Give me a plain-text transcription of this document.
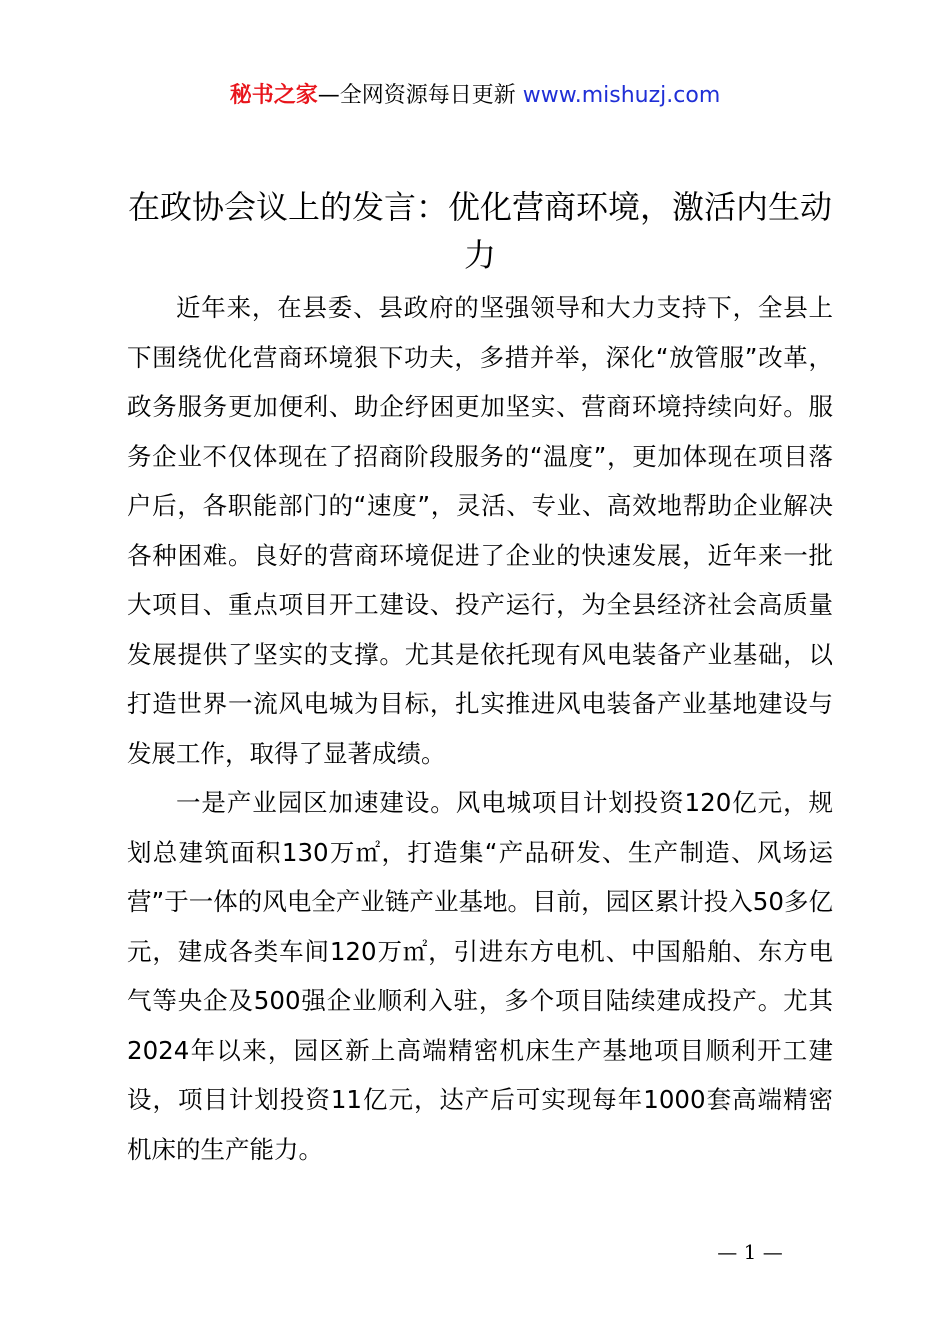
秘书之家—全网资源每日更新 www.mishuzj.com
在政协会议上的发言：优化营商环境，激活内生动力

近年来，在县委、县政府的坚强领导和大力支持下，全县上下围绕优化营商环境狠下功夫，多措并举，深化“放管服”改革，政务服务更加便利、助企纾困更加坚实、营商环境持续向好。服务企业不仅体现在了招商阶段服务的“温度”，更加体现在项目落户后，各职能部门的“速度”，灵活、专业、高效地帮助企业解决各种困难。良好的营商环境促进了企业的快速发展，近年来一批大项目、重点项目开工建设、投产运行，为全县经济社会高质量发展提供了坚实的支撑。尤其是依托现有风电装备产业基础，以打造世界一流风电城为目标，扎实推进风电装备产业基地建设与发展工作，取得了显著成绩。

一是产业园区加速建设。风电城项目计划投资120亿元，规划总建筑面积130万㎡，打造集“产品研发、生产制造、风场运营”于一体的风电全产业链产业基地。目前，园区累计投入50多亿元，建成各类车间120万㎡，引进东方电机、中国船舶、东方电气等央企及500强企业顺利入驻，多个项目陆续建成投产。尤其2024年以来，园区新上高端精密机床生产基地项目顺利开工建设，项目计划投资11亿元，达产后可实现每年1000套高端精密机床的生产能力。

— 1 —
